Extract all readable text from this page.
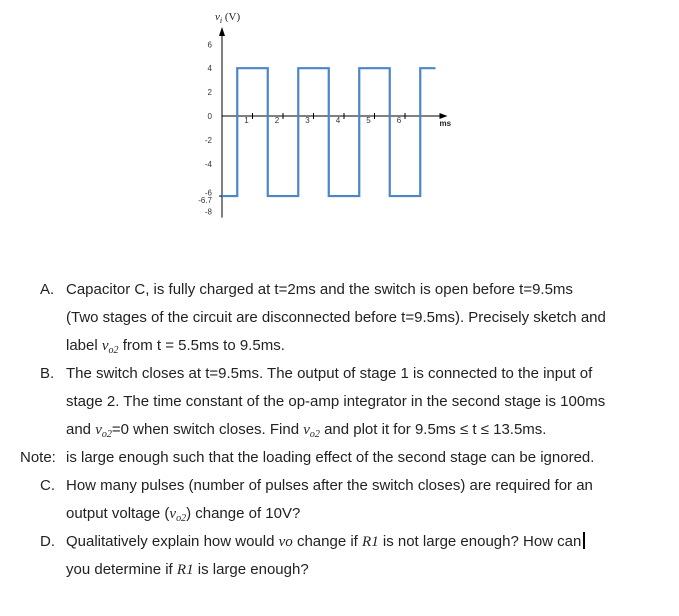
$v_i$ (V)
6
4
2
0
-2
-4
-6
-6.7
-8
1	2	3	4	5	6	ms
A. Capacitor C, is fully charged at t=2ms and the switch is open before t=9.5ms
(Two stages of the circuit are disconnected before t=9.5ms). Precisely sketch and
label $v_{o2}$ from t = 5.5ms to 9.5ms.
B. The switch closes at t=9.5ms. The output of stage 1 is connected to the input of
stage 2. The time constant of the op-amp integrator in the second stage is 100ms
and $v_{o2}=0$ when switch closes. Find $v_{o2}$ and plot it for 9.5ms ≤ t ≤ 13.5ms.
Note: is large enough such that the loading effect of the second stage can be ignored.
C. How many pulses (number of pulses after the switch closes) are required for an
output voltage $(v_{o2})$ change of 10V?
D. Qualitatively explain how would vo change if R1 is not large enough? How can
you determine if R1 is large enough?
